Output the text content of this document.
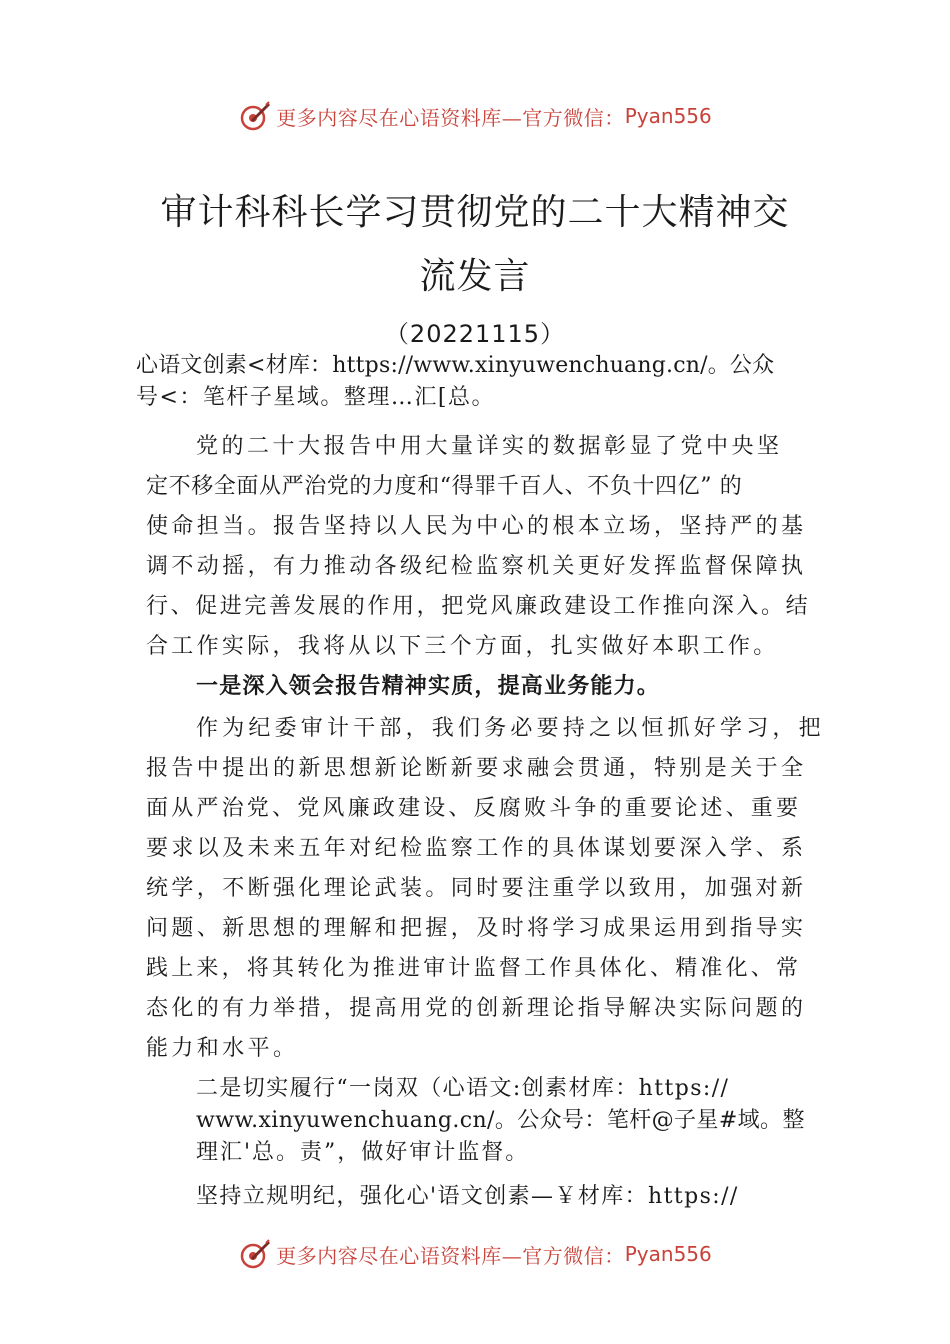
更多内容尽在心语资料库—官方微信： Pyan556
审计科科长学习贯彻党的二十大精神交
流发言
（20221115）
心语文创素<材库：https://www.xinyuwenchuang.cn/。公众
号<：笔杆子星域。整理…汇[总。
党的二十大报告中用大量详实的数据彰显了党中央坚
定不移全面从严治党的力度和“得罪千百人、不负十四亿” 的
使命担当。报告坚持以人民为中心的根本立场，坚持严的基
调不动摇，有力推动各级纪检监察机关更好发挥监督保障执
行、促进完善发展的作用，把党风廉政建设工作推向深入。结
合工作实际，我将从以下三个方面，扎实做好本职工作。
一是深入领会报告精神实质，提高业务能力。
作为纪委审计干部，我们务必要持之以恒抓好学习，把
报告中提出的新思想新论断新要求融会贯通，特别是关于全
面从严治党、党风廉政建设、反腐败斗争的重要论述、重要
要求以及未来五年对纪检监察工作的具体谋划要深入学、系
统学，不断强化理论武装。同时要注重学以致用，加强对新
问题、新思想的理解和把握，及时将学习成果运用到指导实
践上来，将其转化为推进审计监督工作具体化、精准化、常
态化的有力举措，提高用党的创新理论指导解决实际问题的
能力和水平。
二是切实履行“一岗双（心语文:创素材库：https://
www.xinyuwenchuang.cn/。公众号：笔杆@子星#域。整
理汇'总。责”，做好审计监督。
坚持立规明纪，强化心'语文创素—￥材库：https://
更多内容尽在心语资料库—官方微信： Pyan556
